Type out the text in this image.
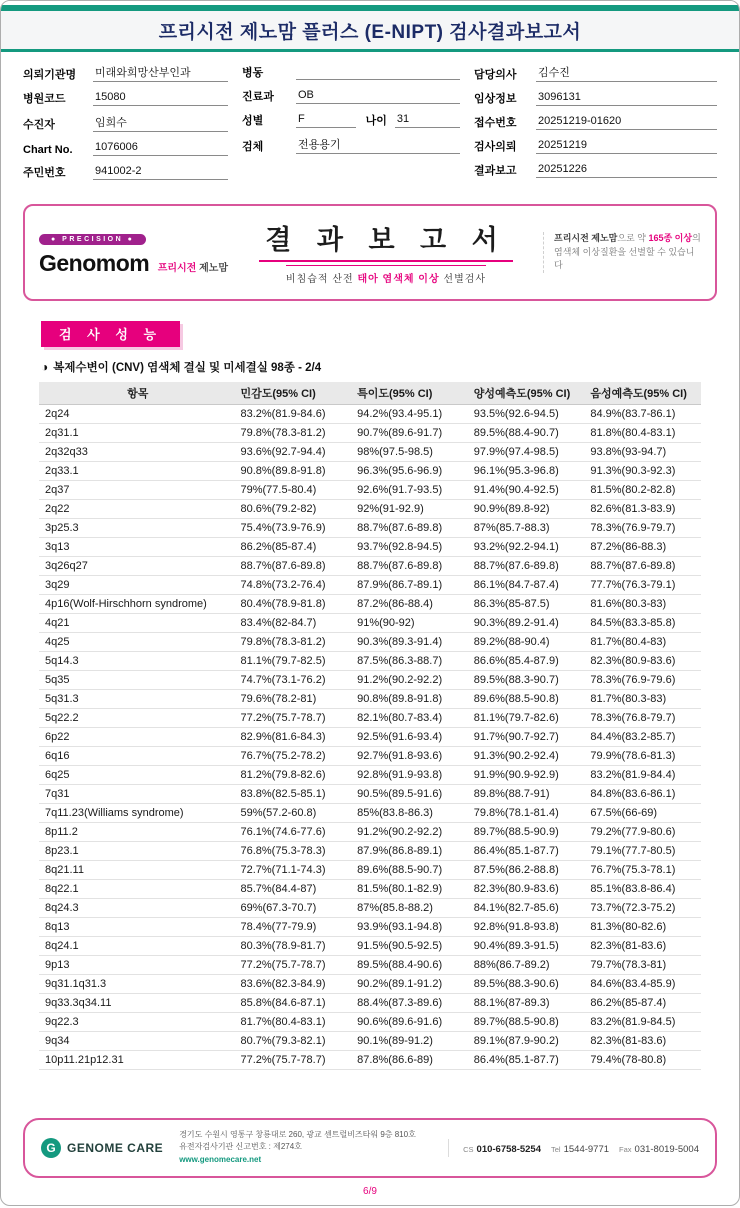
프리시전 제노맘 플러스 (E-NIPT) 검사결과보고서
의뢰기관명	미래와희망산부인과
병원코드	15080
수진자	임희수
Chart No.	1076006
주민번호	941002-2
병동
진료과	OB
성별	F	나이 31
검체	전용용기
담당의사	김수진
임상정보	3096131
접수번호	20251219-01620
검사의뢰	20251219
결과보고	20251226
● PRECISION ●
Genomom 프리시전 제노맘
결 과 보 고 서
비침습적 산전 태아 염색체 이상 선별검사
프리시전 제노맘으로 약 165종 이상의
염색체 이상질환을 선별할 수 있습니다
검 사 성 능
◑ 복제수변이 (CNV) 염색체 결실 및 미세결실 98종 - 2/4
항목	민감도(95% CI)	특이도(95% CI)	양성예측도(95% CI)	음성예측도(95% CI)
2q24	83.2%(81.9-84.6)	94.2%(93.4-95.1)	93.5%(92.6-94.5)	84.9%(83.7-86.1)
2q31.1	79.8%(78.3-81.2)	90.7%(89.6-91.7)	89.5%(88.4-90.7)	81.8%(80.4-83.1)
2q32q33	93.6%(92.7-94.4)	98%(97.5-98.5)	97.9%(97.4-98.5)	93.8%(93-94.7)
2q33.1	90.8%(89.8-91.8)	96.3%(95.6-96.9)	96.1%(95.3-96.8)	91.3%(90.3-92.3)
2q37	79%(77.5-80.4)	92.6%(91.7-93.5)	91.4%(90.4-92.5)	81.5%(80.2-82.8)
2q22	80.6%(79.2-82)	92%(91-92.9)	90.9%(89.8-92)	82.6%(81.3-83.9)
3p25.3	75.4%(73.9-76.9)	88.7%(87.6-89.8)	87%(85.7-88.3)	78.3%(76.9-79.7)
3q13	86.2%(85-87.4)	93.7%(92.8-94.5)	93.2%(92.2-94.1)	87.2%(86-88.3)
3q26q27	88.7%(87.6-89.8)	88.7%(87.6-89.8)	88.7%(87.6-89.8)	88.7%(87.6-89.8)
3q29	74.8%(73.2-76.4)	87.9%(86.7-89.1)	86.1%(84.7-87.4)	77.7%(76.3-79.1)
4p16(Wolf-Hirschhorn syndrome)	80.4%(78.9-81.8)	87.2%(86-88.4)	86.3%(85-87.5)	81.6%(80.3-83)
4q21	83.4%(82-84.7)	91%(90-92)	90.3%(89.2-91.4)	84.5%(83.3-85.8)
4q25	79.8%(78.3-81.2)	90.3%(89.3-91.4)	89.2%(88-90.4)	81.7%(80.4-83)
5q14.3	81.1%(79.7-82.5)	87.5%(86.3-88.7)	86.6%(85.4-87.9)	82.3%(80.9-83.6)
5q35	74.7%(73.1-76.2)	91.2%(90.2-92.2)	89.5%(88.3-90.7)	78.3%(76.9-79.6)
5q31.3	79.6%(78.2-81)	90.8%(89.8-91.8)	89.6%(88.5-90.8)	81.7%(80.3-83)
5q22.2	77.2%(75.7-78.7)	82.1%(80.7-83.4)	81.1%(79.7-82.6)	78.3%(76.8-79.7)
6p22	82.9%(81.6-84.3)	92.5%(91.6-93.4)	91.7%(90.7-92.7)	84.4%(83.2-85.7)
6q16	76.7%(75.2-78.2)	92.7%(91.8-93.6)	91.3%(90.2-92.4)	79.9%(78.6-81.3)
6q25	81.2%(79.8-82.6)	92.8%(91.9-93.8)	91.9%(90.9-92.9)	83.2%(81.9-84.4)
7q31	83.8%(82.5-85.1)	90.5%(89.5-91.6)	89.8%(88.7-91)	84.8%(83.6-86.1)
7q11.23(Williams syndrome)	59%(57.2-60.8)	85%(83.8-86.3)	79.8%(78.1-81.4)	67.5%(66-69)
8p11.2	76.1%(74.6-77.6)	91.2%(90.2-92.2)	89.7%(88.5-90.9)	79.2%(77.9-80.6)
8p23.1	76.8%(75.3-78.3)	87.9%(86.8-89.1)	86.4%(85.1-87.7)	79.1%(77.7-80.5)
8q21.11	72.7%(71.1-74.3)	89.6%(88.5-90.7)	87.5%(86.2-88.8)	76.7%(75.3-78.1)
8q22.1	85.7%(84.4-87)	81.5%(80.1-82.9)	82.3%(80.9-83.6)	85.1%(83.8-86.4)
8q24.3	69%(67.3-70.7)	87%(85.8-88.2)	84.1%(82.7-85.6)	73.7%(72.3-75.2)
8q13	78.4%(77-79.9)	93.9%(93.1-94.8)	92.8%(91.8-93.8)	81.3%(80-82.6)
8q24.1	80.3%(78.9-81.7)	91.5%(90.5-92.5)	90.4%(89.3-91.5)	82.3%(81-83.6)
9p13	77.2%(75.7-78.7)	89.5%(88.4-90.6)	88%(86.7-89.2)	79.7%(78.3-81)
9q31.1q31.3	83.6%(82.3-84.9)	90.2%(89.1-91.2)	89.5%(88.3-90.6)	84.6%(83.4-85.9)
9q33.3q34.11	85.8%(84.6-87.1)	88.4%(87.3-89.6)	88.1%(87-89.3)	86.2%(85-87.4)
9q22.3	81.7%(80.4-83.1)	90.6%(89.6-91.6)	89.7%(88.5-90.8)	83.2%(81.9-84.5)
9q34	80.7%(79.3-82.1)	90.1%(89-91.2)	89.1%(87.9-90.2)	82.3%(81-83.6)
10p11.21p12.31	77.2%(75.7-78.7)	87.8%(86.6-89)	86.4%(85.1-87.7)	79.4%(78-80.8)
G GENOME CARE
경기도 수원시 영통구 창룡대로 260, 광교 센트럴비즈타워 9층 810호
유전자검사기관 신고번호 : 제274호
www.genomecare.net
CS 010-6758-5254 Tel 1544-9771 Fax 031-8019-5004
6/9
